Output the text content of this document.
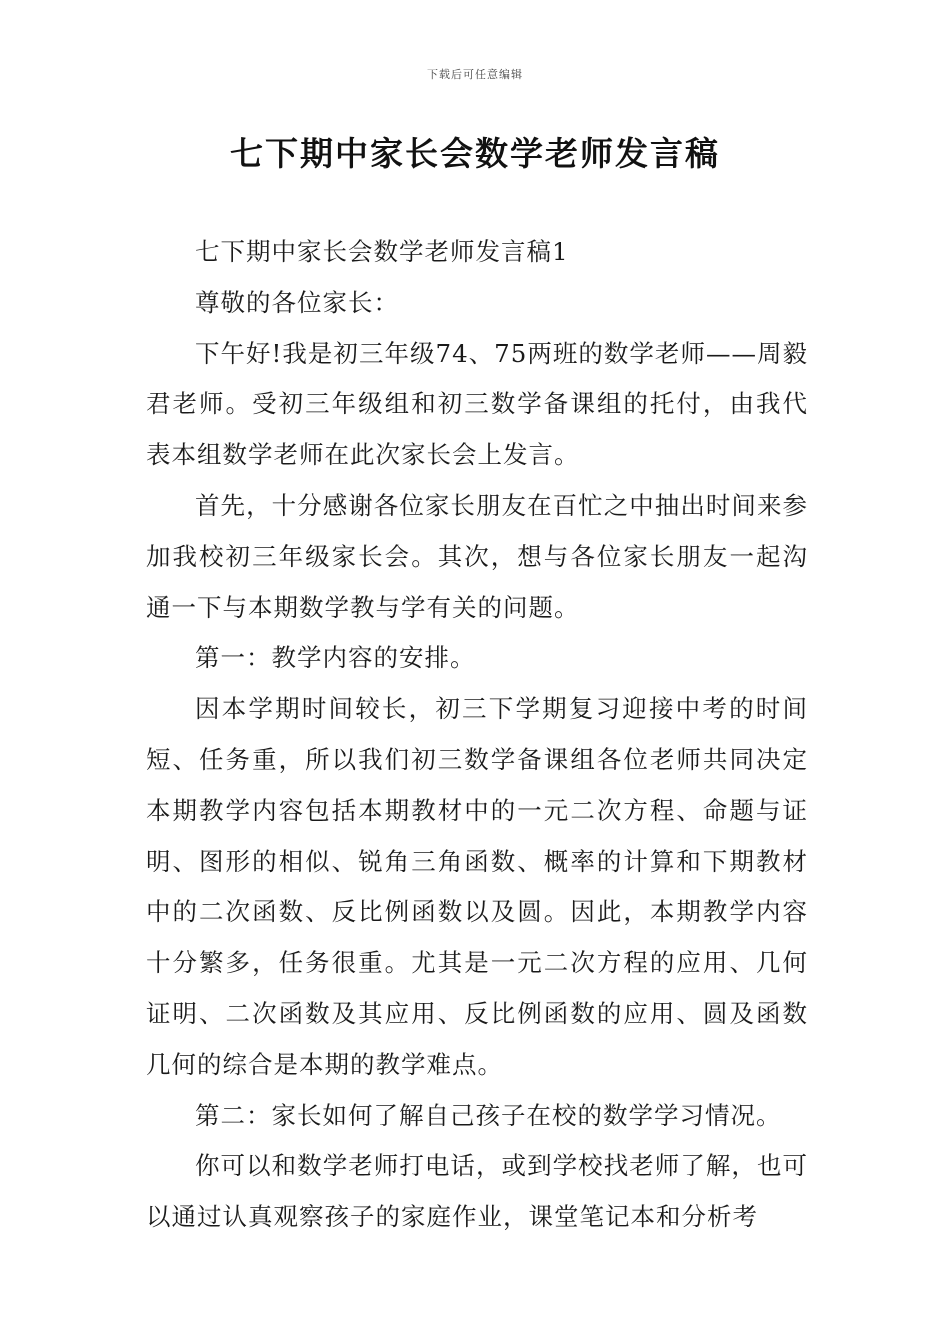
下载后可任意编辑
七下期中家长会数学老师发言稿

七下期中家长会数学老师发言稿1

尊敬的各位家长：

下午好!我是初三年级74、75两班的数学老师——周毅君老师。受初三年级组和初三数学备课组的托付，由我代表本组数学老师在此次家长会上发言。

首先，十分感谢各位家长朋友在百忙之中抽出时间来参加我校初三年级家长会。其次，想与各位家长朋友一起沟通一下与本期数学教与学有关的问题。

第一：教学内容的安排。

因本学期时间较长，初三下学期复习迎接中考的时间短、任务重，所以我们初三数学备课组各位老师共同决定本期教学内容包括本期教材中的一元二次方程、命题与证明、图形的相似、锐角三角函数、概率的计算和下期教材中的二次函数、反比例函数以及圆。因此，本期教学内容十分繁多，任务很重。尤其是一元二次方程的应用、几何证明、二次函数及其应用、反比例函数的应用、圆及函数几何的综合是本期的教学难点。

第二：家长如何了解自己孩子在校的数学学习情况。

你可以和数学老师打电话，或到学校找老师了解，也可以通过认真观察孩子的家庭作业，课堂笔记本和分析考
